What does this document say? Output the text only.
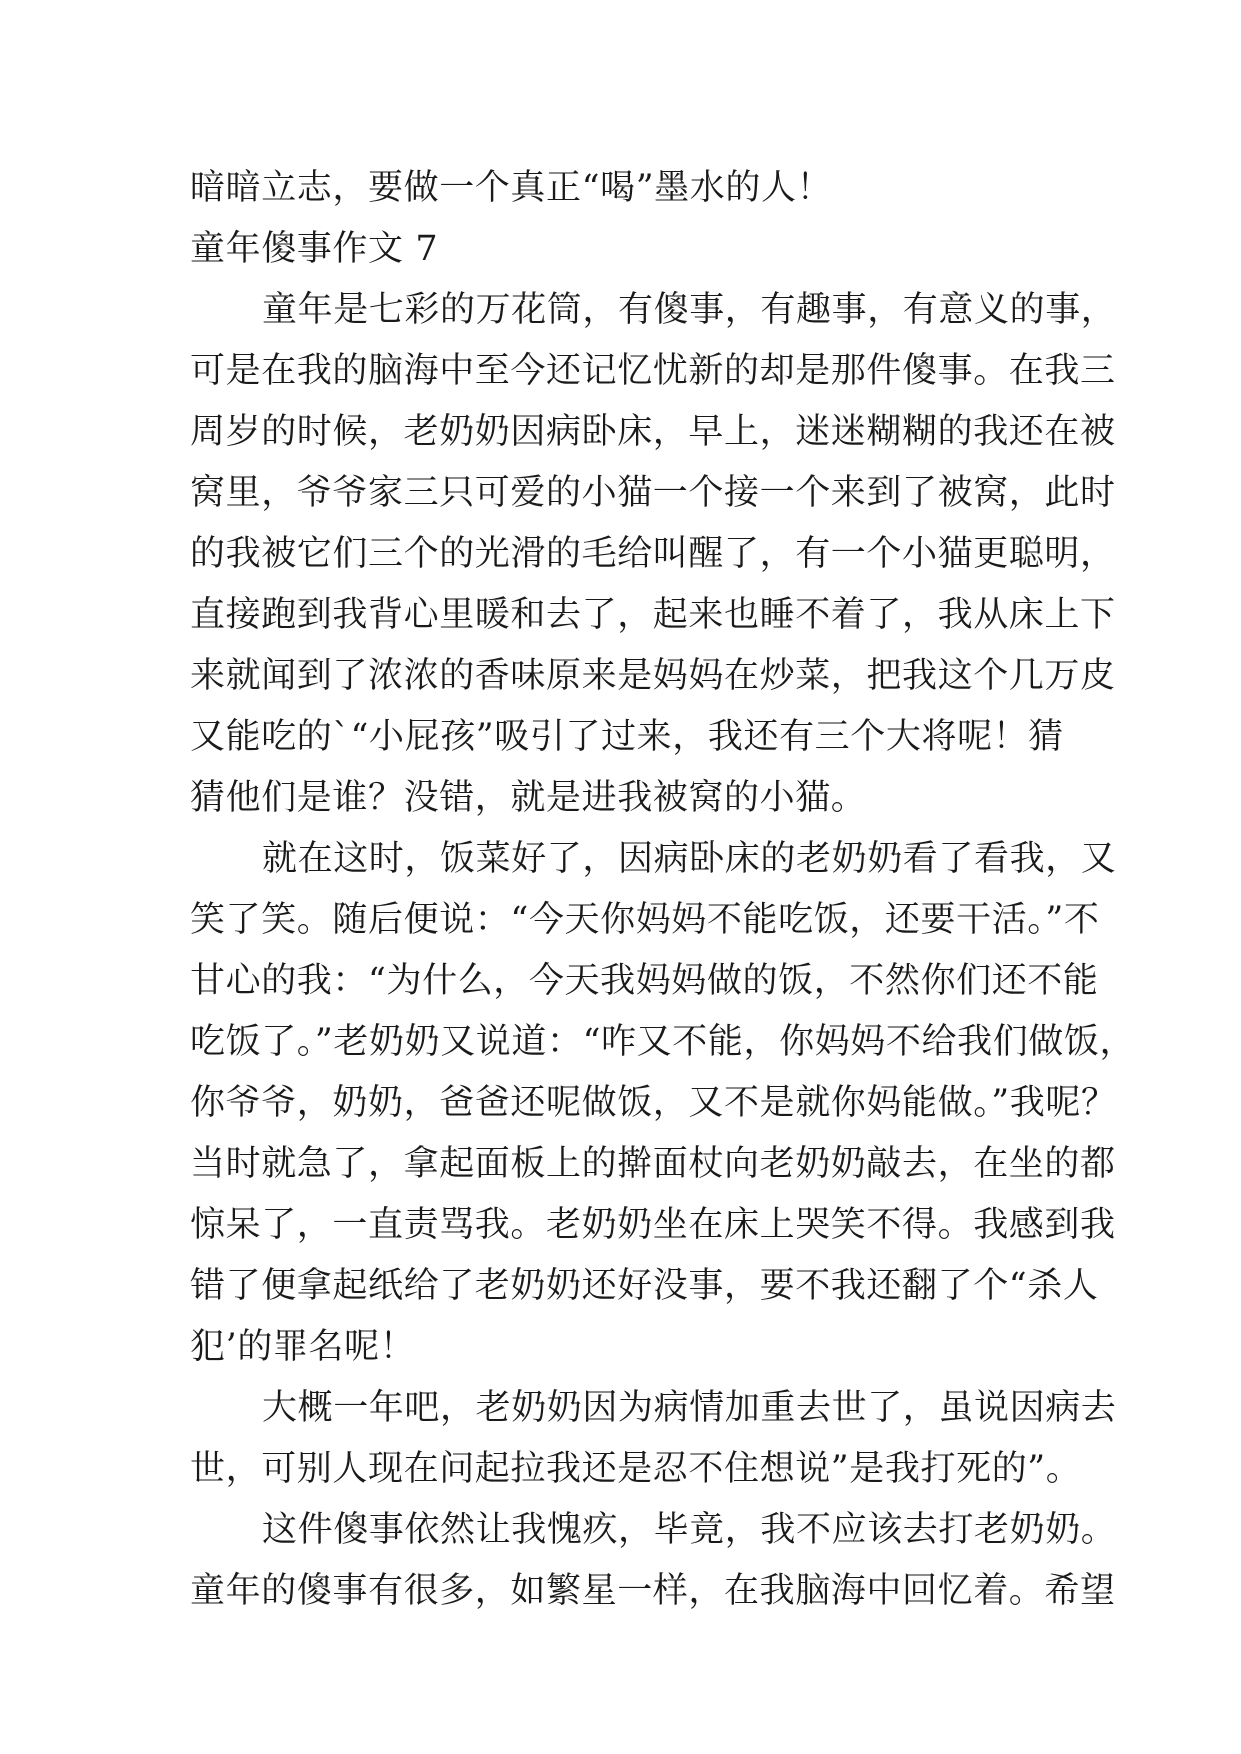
暗暗立志，要做一个真正“喝”墨水的人！
童年傻事作文 7
童年是七彩的万花筒，有傻事，有趣事，有意义的事，
可是在我的脑海中至今还记忆忧新的却是那件傻事。在我三
周岁的时候，老奶奶因病卧床，早上，迷迷糊糊的我还在被
窝里，爷爷家三只可爱的小猫一个接一个来到了被窝，此时
的我被它们三个的光滑的毛给叫醒了，有一个小猫更聪明，
直接跑到我背心里暖和去了，起来也睡不着了，我从床上下
来就闻到了浓浓的香味原来是妈妈在炒菜，把我这个几万皮
又能吃的`“小屁孩”吸引了过来，我还有三个大将呢！猜
猜他们是谁？没错，就是进我被窝的小猫。
就在这时，饭菜好了，因病卧床的老奶奶看了看我，又
笑了笑。随后便说：“今天你妈妈不能吃饭，还要干活。”不
甘心的我：“为什么，今天我妈妈做的饭，不然你们还不能
吃饭了。”老奶奶又说道：“咋又不能，你妈妈不给我们做饭，
你爷爷，奶奶，爸爸还呢做饭，又不是就你妈能做。”我呢？
当时就急了，拿起面板上的擀面杖向老奶奶敲去，在坐的都
惊呆了，一直责骂我。老奶奶坐在床上哭笑不得。我感到我
错了便拿起纸给了老奶奶还好没事，要不我还翻了个“杀人
犯’的罪名呢！
大概一年吧，老奶奶因为病情加重去世了，虽说因病去
世，可别人现在问起拉我还是忍不住想说”是我打死的”。
这件傻事依然让我愧疚，毕竟，我不应该去打老奶奶。
童年的傻事有很多，如繁星一样，在我脑海中回忆着。希望
